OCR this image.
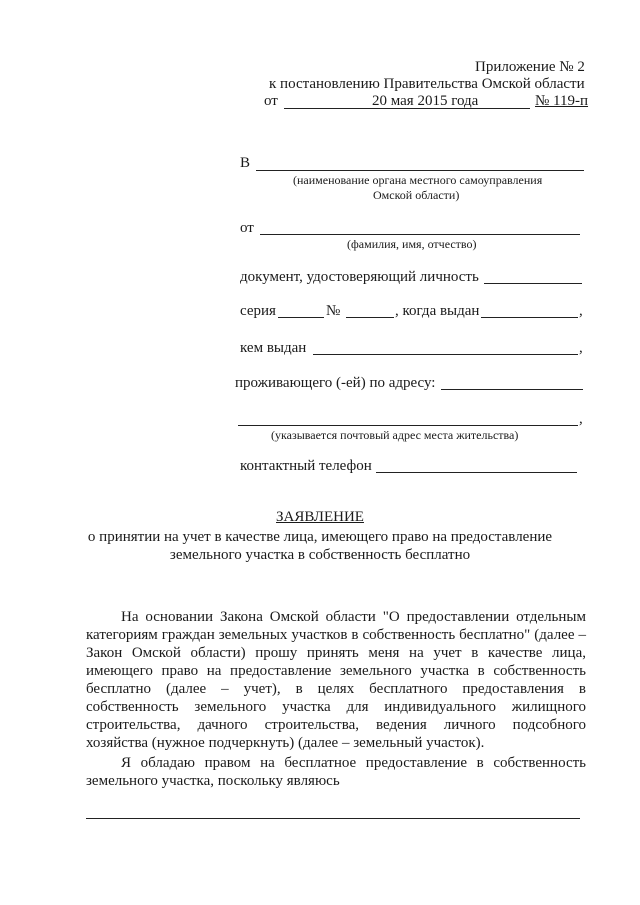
Приложение № 2
к постановлению Правительства Омской области
от	20 мая 2015 года	№ 119-п
В
(наименование органа местного самоуправления
Омской области)
от
(фамилия, имя, отчество)
документ, удостоверяющий личность
серия	№	, когда выдан	,
кем выдан	,
проживающего (-ей) по адресу:
,
(указывается почтовый адрес места жительства)
контактный телефон
ЗАЯВЛЕНИЕ
о принятии на учет в качестве лица, имеющего право на предоставление
земельного участка в собственность бесплатно
На основании Закона Омской области "О предоставлении отдельным
категориям граждан земельных участков в собственность бесплатно" (далее –
Закон Омской области) прошу принять меня на учет в качестве лица,
имеющего право на предоставление земельного участка в собственность
бесплатно (далее – учет), в целях бесплатного предоставления в
собственность земельного участка для индивидуального жилищного
строительства, дачного строительства, ведения личного подсобного
хозяйства (нужное подчеркнуть) (далее – земельный участок).
Я обладаю правом на бесплатное предоставление в собственность
земельного участка, поскольку являюсь
